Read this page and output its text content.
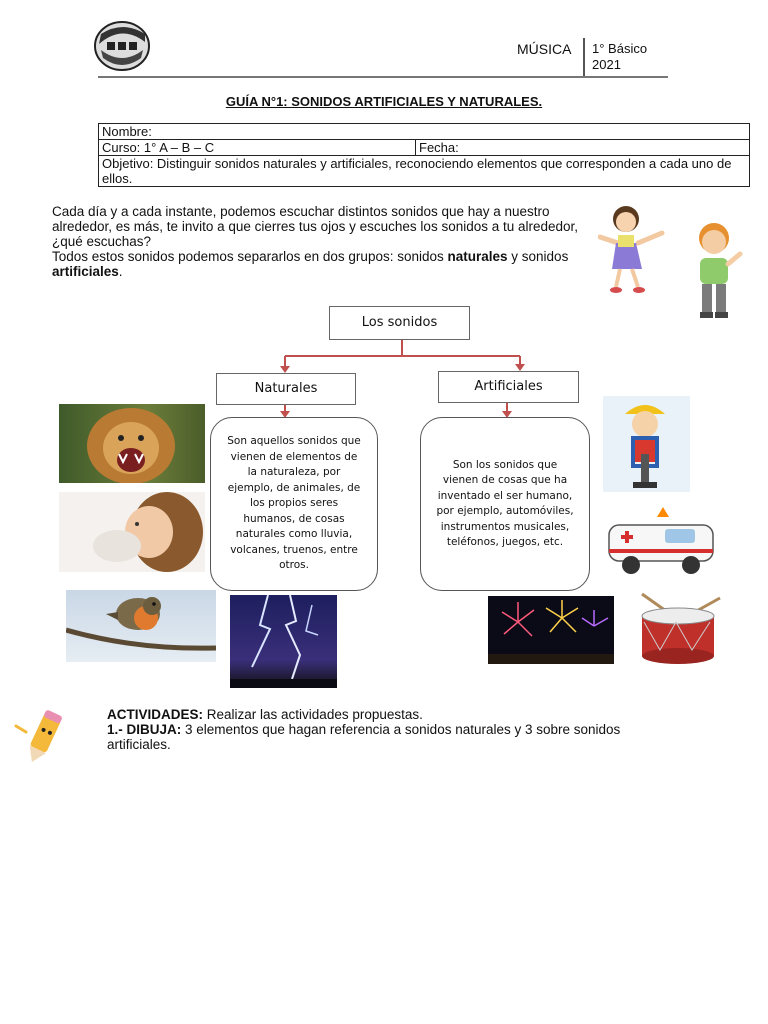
MÚSICA 1° Básico
2021
GUÍA N°1: SONIDOS ARTIFICIALES Y NATURALES.
Nombre:
Curso: 1° A – B – C	Fecha:
Objetivo: Distinguir sonidos naturales y artificiales, reconociendo elementos que corresponden a cada uno de ellos.

Cada día y a cada instante, podemos escuchar distintos sonidos que hay a nuestro alrededor, es más, te invito a que cierres tus ojos y escuches los sonidos a tu alrededor, ¿qué escuchas?

Todos estos sonidos podemos separarlos en dos grupos: sonidos naturales y sonidos artificiales.

Los sonidos
Naturales	Artificiales
Son aquellos sonidos que vienen de elementos de la naturaleza, por ejemplo, de animales, de los propios seres humanos, de cosas naturales como lluvia, volcanes, truenos, entre otros.
Son los sonidos que vienen de cosas que ha inventado el ser humano, por ejemplo, automóviles, instrumentos musicales, teléfonos, juegos, etc.

ACTIVIDADES: Realizar las actividades propuestas.

1.- DIBUJA: 3 elementos que hagan referencia a sonidos naturales y 3 sobre sonidos artificiales.
